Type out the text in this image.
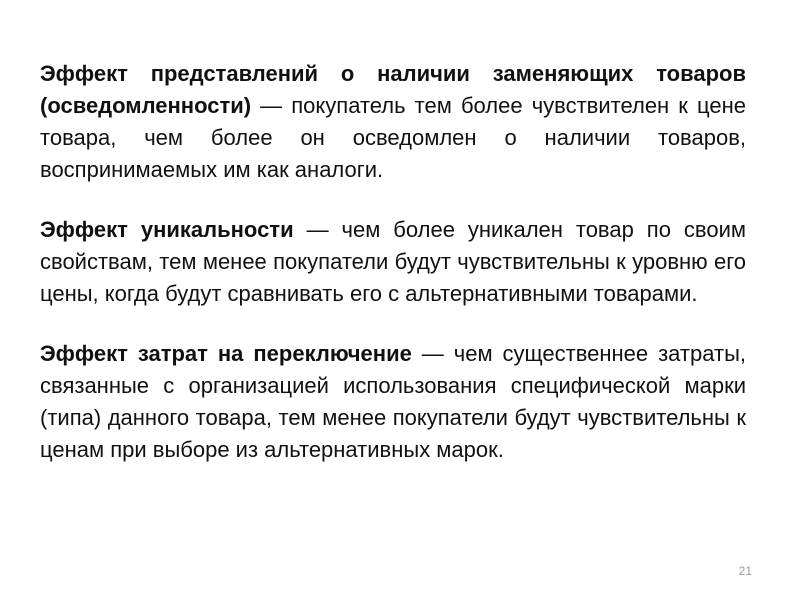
Эффект представлений о наличии заменяющих товаров (осведомленности) — покупатель тем более чувствителен к цене товара, чем более он осведомлен о наличии товаров, воспринимаемых им как аналоги.

Эффект уникальности — чем более уникален товар по своим свойствам, тем менее покупатели будут чувствительны к уровню его цены, когда будут сравнивать его с альтернативными товарами.

Эффект затрат на переключение — чем существеннее затраты, связанные с организацией использования специфической марки (типа) данного товара, тем менее покупатели будут чувствительны к ценам при выборе из альтернативных марок.

21
